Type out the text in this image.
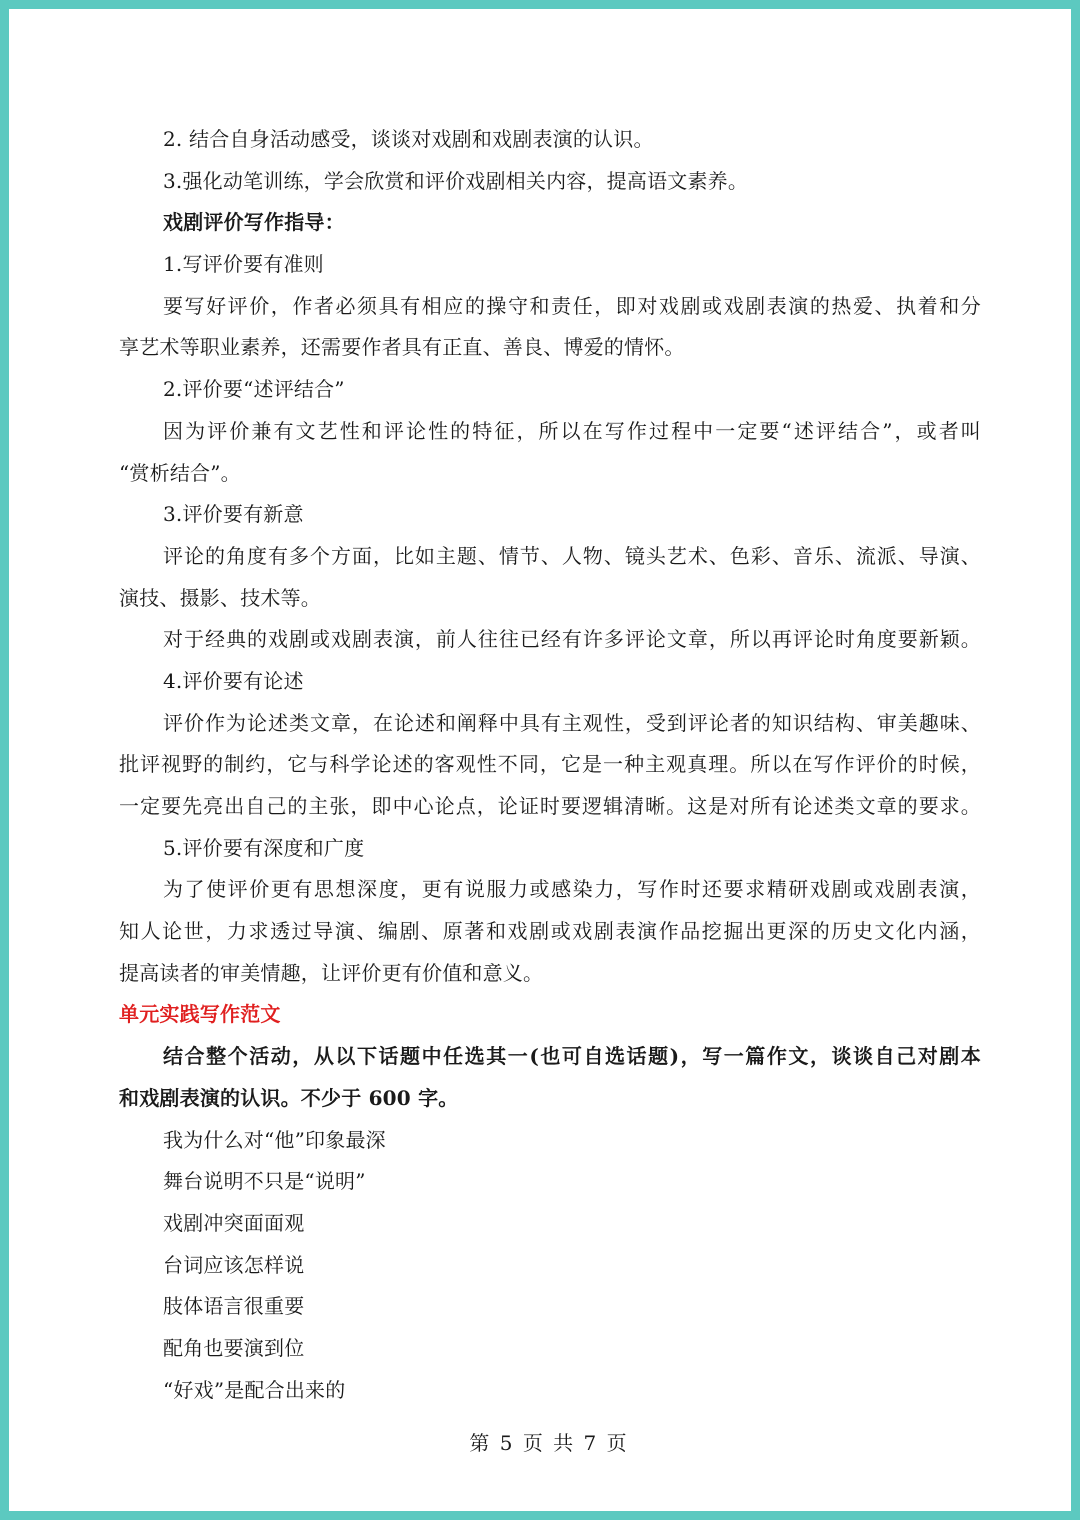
2. 结合自身活动感受，谈谈对戏剧和戏剧表演的认识。
3.强化动笔训练，学会欣赏和评价戏剧相关内容，提高语文素养。
戏剧评价写作指导：
1.写评价要有准则
要写好评价，作者必须具有相应的操守和责任，即对戏剧或戏剧表演的热爱、执着和分
享艺术等职业素养，还需要作者具有正直、善良、博爱的情怀。
2.评价要“述评结合”
因为评价兼有文艺性和评论性的特征，所以在写作过程中一定要“述评结合”，或者叫
“赏析结合”。
3.评价要有新意
评论的角度有多个方面，比如主题、情节、人物、镜头艺术、色彩、音乐、流派、导演、
演技、摄影、技术等。
对于经典的戏剧或戏剧表演，前人往往已经有许多评论文章，所以再评论时角度要新颖。
4.评价要有论述
评价作为论述类文章，在论述和阐释中具有主观性，受到评论者的知识结构、审美趣味、
批评视野的制约，它与科学论述的客观性不同，它是一种主观真理。所以在写作评价的时候，
一定要先亮出自己的主张，即中心论点，论证时要逻辑清晰。这是对所有论述类文章的要求。
5.评价要有深度和广度
为了使评价更有思想深度，更有说服力或感染力，写作时还要求精研戏剧或戏剧表演，
知人论世，力求透过导演、编剧、原著和戏剧或戏剧表演作品挖掘出更深的历史文化内涵，
提高读者的审美情趣，让评价更有价值和意义。
单元实践写作范文
结合整个活动，从以下话题中任选其一(也可自选话题)，写一篇作文，谈谈自己对剧本
和戏剧表演的认识。不少于 600 字。
我为什么对“他”印象最深
舞台说明不只是“说明”
戏剧冲突面面观
台词应该怎样说
肢体语言很重要
配角也要演到位
“好戏”是配合出来的
第 5 页 共 7 页
